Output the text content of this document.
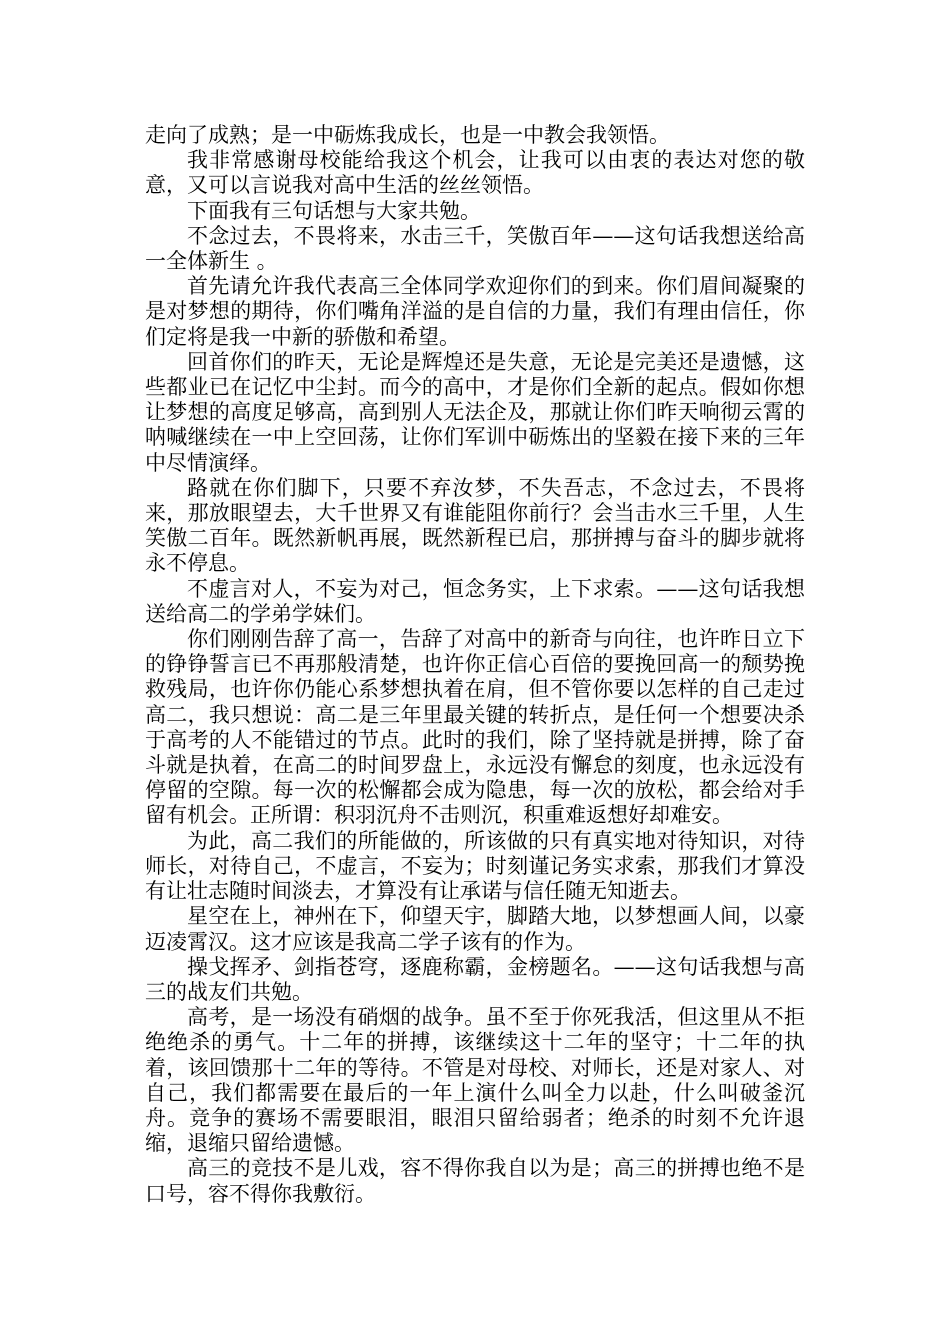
走向了成熟；是一中砺炼我成长，也是一中教会我领悟。

我非常感谢母校能给我这个机会，让我可以由衷的表达对您的敬意，又可以言说我对高中生活的丝丝领悟。

下面我有三句话想与大家共勉。

不念过去，不畏将来，水击三千，笑傲百年——这句话我想送给高一全体新生 。

首先请允许我代表高三全体同学欢迎你们的到来。你们眉间凝聚的是对梦想的期待，你们嘴角洋溢的是自信的力量，我们有理由信任，你们定将是我一中新的骄傲和希望。

回首你们的昨天，无论是辉煌还是失意，无论是完美还是遗憾，这些都业已在记忆中尘封。而今的高中，才是你们全新的起点。假如你想让梦想的高度足够高，高到别人无法企及，那就让你们昨天响彻云霄的呐喊继续在一中上空回荡，让你们军训中砺炼出的坚毅在接下来的三年中尽情演绎。

路就在你们脚下，只要不弃汝梦，不失吾志，不念过去，不畏将来，那放眼望去，大千世界又有谁能阻你前行？会当击水三千里，人生笑傲二百年。既然新帆再展，既然新程已启，那拼搏与奋斗的脚步就将永不停息。

不虚言对人，不妄为对己，恒念务实，上下求索。——这句话我想送给高二的学弟学妹们。

你们刚刚告辞了高一，告辞了对高中的新奇与向往，也许昨日立下的铮铮誓言已不再那般清楚，也许你正信心百倍的要挽回高一的颓势挽救残局，也许你仍能心系梦想执着在肩，但不管你要以怎样的自己走过高二，我只想说：高二是三年里最关键的转折点，是任何一个想要决杀于高考的人不能错过的节点。此时的我们，除了坚持就是拼搏，除了奋斗就是执着，在高二的时间罗盘上，永远没有懈怠的刻度，也永远没有停留的空隙。每一次的松懈都会成为隐患，每一次的放松，都会给对手留有机会。正所谓：积羽沉舟不击则沉，积重难返想好却难安。

为此，高二我们的所能做的，所该做的只有真实地对待知识，对待师长，对待自己，不虚言，不妄为；时刻谨记务实求索，那我们才算没有让壮志随时间淡去，才算没有让承诺与信任随无知逝去。

星空在上，神州在下，仰望天宇，脚踏大地，以梦想画人间，以豪迈凌霄汉。这才应该是我高二学子该有的作为。

操戈挥矛、剑指苍穹，逐鹿称霸，金榜题名。——这句话我想与高三的战友们共勉。

高考，是一场没有硝烟的战争。虽不至于你死我活，但这里从不拒绝绝杀的勇气。十二年的拼搏，该继续这十二年的坚守；十二年的执着，该回馈那十二年的等待。不管是对母校、对师长，还是对家人、对自己，我们都需要在最后的一年上演什么叫全力以赴，什么叫破釜沉舟。竞争的赛场不需要眼泪，眼泪只留给弱者；绝杀的时刻不允许退缩，退缩只留给遗憾。

高三的竞技不是儿戏，容不得你我自以为是；高三的拼搏也绝不是口号，容不得你我敷衍。
